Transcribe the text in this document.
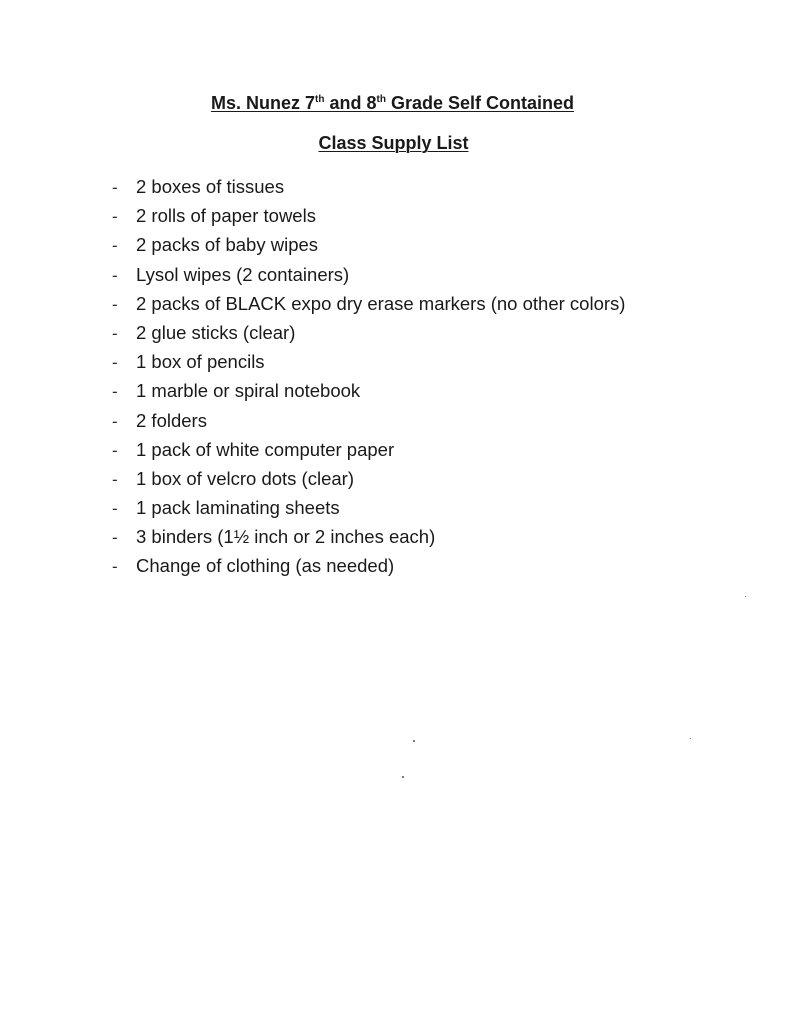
Ms. Nunez 7th and 8th Grade Self Contained
Class Supply List
- 2 boxes of tissues
- 2 rolls of paper towels
- 2 packs of baby wipes
- Lysol wipes (2 containers)
- 2 packs of BLACK expo dry erase markers (no other colors)
- 2 glue sticks (clear)
- 1 box of pencils
- 1 marble or spiral notebook
- 2 folders
- 1 pack of white computer paper
- 1 box of velcro dots (clear)
- 1 pack laminating sheets
- 3 binders (1½ inch or 2 inches each)
- Change of clothing (as needed)
